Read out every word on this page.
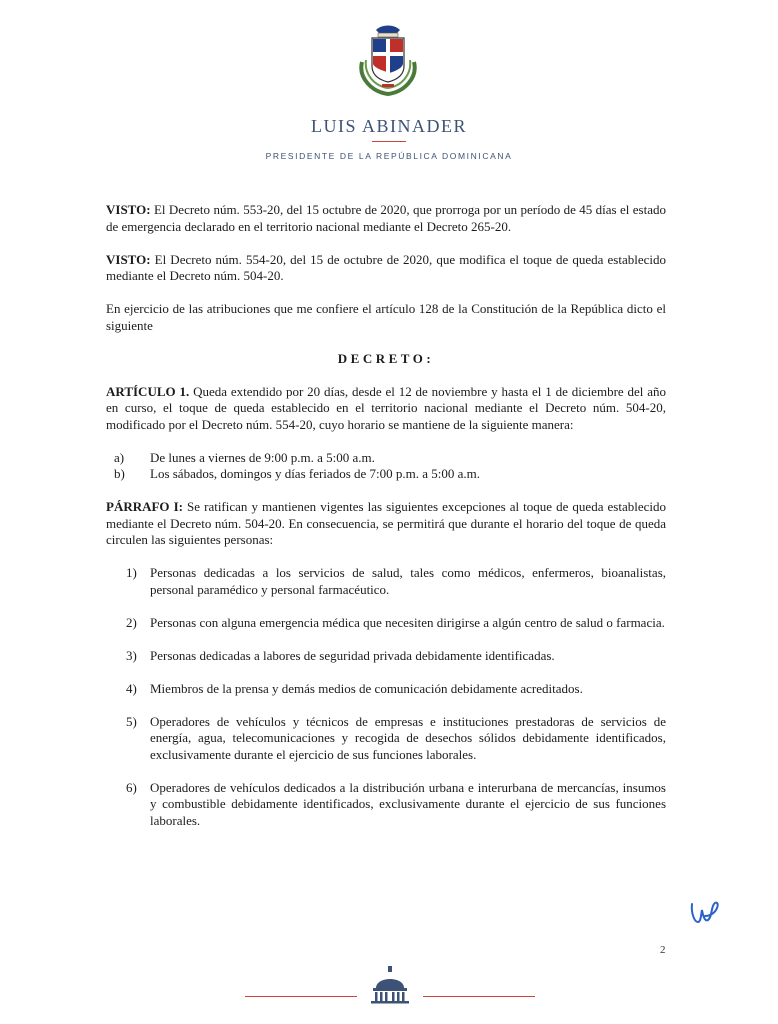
LUIS ABINADER
PRESIDENTE DE LA REPÚBLICA DOMINICANA

VISTO: El Decreto núm. 553-20, del 15 octubre de 2020, que prorroga por un período de 45 días el estado de emergencia declarado en el territorio nacional mediante el Decreto 265-20.

VISTO: El Decreto núm. 554-20, del 15 de octubre de 2020, que modifica el toque de queda establecido mediante el Decreto núm. 504-20.

En ejercicio de las atribuciones que me confiere el artículo 128 de la Constitución de la República dicto el siguiente

DECRETO:

ARTÍCULO 1. Queda extendido por 20 días, desde el 12 de noviembre y hasta el 1 de diciembre del año en curso, el toque de queda establecido en el territorio nacional mediante el Decreto núm. 504-20, modificado por el Decreto núm. 554-20, cuyo horario se mantiene de la siguiente manera:

a)	De lunes a viernes de 9:00 p.m. a 5:00 a.m.
b)	Los sábados, domingos y días feriados de 7:00 p.m. a 5:00 a.m.

PÁRRAFO I: Se ratifican y mantienen vigentes las siguientes excepciones al toque de queda establecido mediante el Decreto núm. 504-20. En consecuencia, se permitirá que durante el horario del toque de queda circulen las siguientes personas:

1)	Personas dedicadas a los servicios de salud, tales como médicos, enfermeros, bioanalistas, personal paramédico y personal farmacéutico.
2)	Personas con alguna emergencia médica que necesiten dirigirse a algún centro de salud o farmacia.
3)	Personas dedicadas a labores de seguridad privada debidamente identificadas.
4)	Miembros de la prensa y demás medios de comunicación debidamente acreditados.
5)	Operadores de vehículos y técnicos de empresas e instituciones prestadoras de servicios de energía, agua, telecomunicaciones y recogida de desechos sólidos debidamente identificados, exclusivamente durante el ejercicio de sus funciones laborales.
6)	Operadores de vehículos dedicados a la distribución urbana e interurbana de mercancías, insumos y combustible debidamente identificados, exclusivamente durante el ejercicio de sus funciones laborales.
2
